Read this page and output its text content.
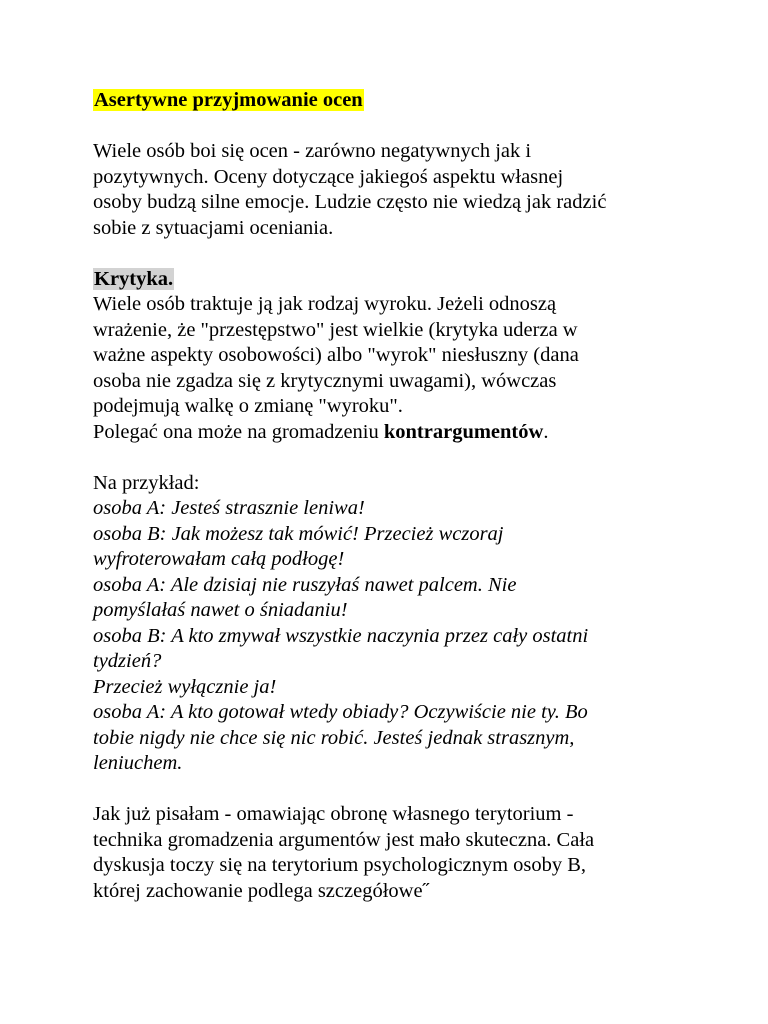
Asertywne przyjmowanie ocen
Wiele osób boi się ocen - zarówno negatywnych jak i
pozytywnych. Oceny dotyczące jakiegoś aspektu własnej
osoby budzą silne emocje. Ludzie często nie wiedzą jak radzić
sobie z sytuacjami oceniania.
Krytyka.
Wiele osób traktuje ją jak rodzaj wyroku. Jeżeli odnoszą
wrażenie, że "przestępstwo" jest wielkie (krytyka uderza w
ważne aspekty osobowości) albo "wyrok" niesłuszny (dana
osoba nie zgadza się z krytycznymi uwagami), wówczas
podejmują walkę o zmianę "wyroku".
Polegać ona może na gromadzeniu kontrargumentów.
Na przykład:
osoba A: Jesteś strasznie leniwa!
osoba B: Jak możesz tak mówić! Przecież wczoraj
wyfroterowałam całą podłogę!
osoba A: Ale dzisiaj nie ruszyłaś nawet palcem. Nie
pomyślałaś nawet o śniadaniu!
osoba B: A kto zmywał wszystkie naczynia przez cały ostatni
tydzień?
Przecież wyłącznie ja!
osoba A: A kto gotował wtedy obiady? Oczywiście nie ty. Bo
tobie nigdy nie chce się nic robić. Jesteś jednak strasznym,
leniuchem.
Jak już pisałam - omawiając obronę własnego terytorium -
technika gromadzenia argumentów jest mało skuteczna. Cała
dyskusja toczy się na terytorium psychologicznym osoby B,
której zachowanie podlega szczegółowe˝
